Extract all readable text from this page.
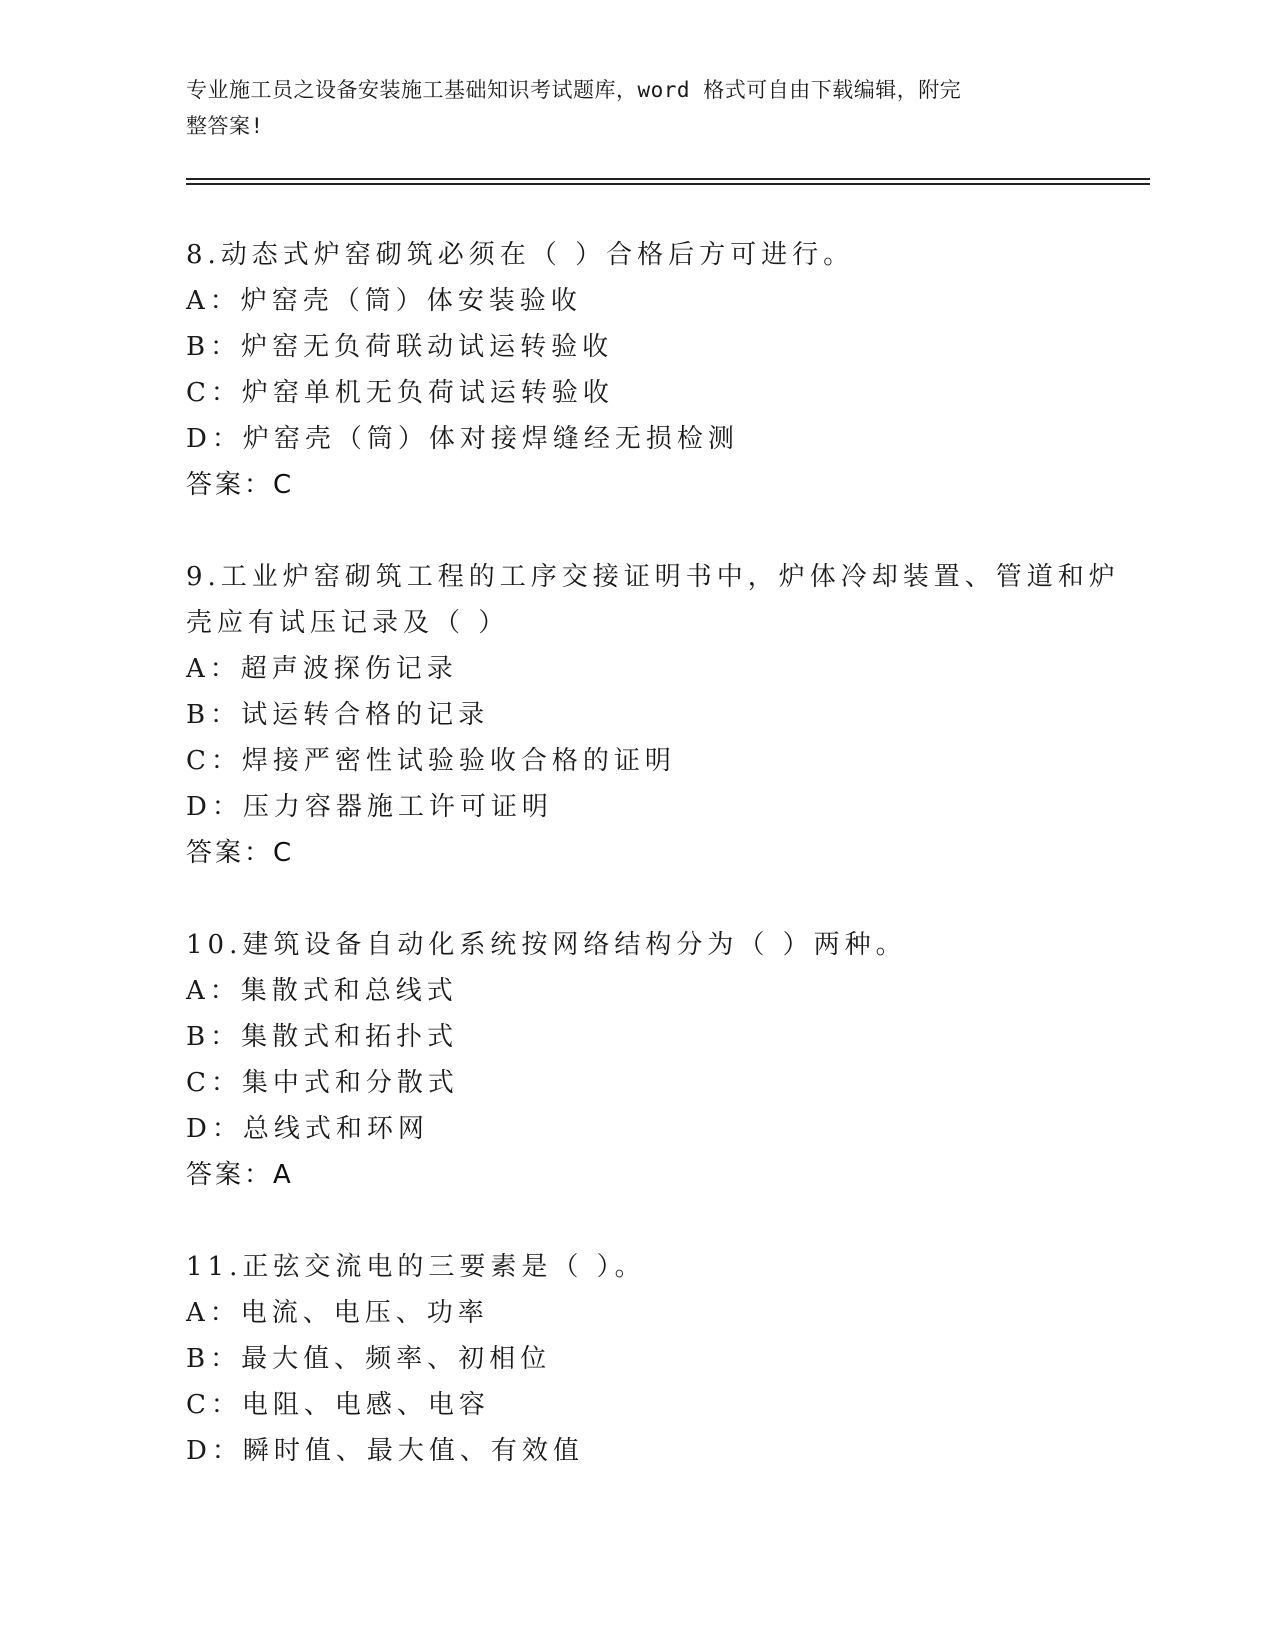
专业施工员之设备安装施工基础知识考试题库，word 格式可自由下载编辑，附完
整答案!
8.动态式炉窑砌筑必须在（ ）合格后方可进行。
A：炉窑壳（筒）体安装验收
B：炉窑无负荷联动试运转验收
C：炉窑单机无负荷试运转验收
D：炉窑壳（筒）体对接焊缝经无损检测
答案：C
9.工业炉窑砌筑工程的工序交接证明书中，炉体冷却装置、管道和炉
壳应有试压记录及（ ）
A：超声波探伤记录
B：试运转合格的记录
C：焊接严密性试验验收合格的证明
D：压力容器施工许可证明
答案：C
10.建筑设备自动化系统按网络结构分为（ ）两种。
A：集散式和总线式
B：集散式和拓扑式
C：集中式和分散式
D：总线式和环网
答案：A
11.正弦交流电的三要素是（ ）。
A：电流、电压、功率
B：最大值、频率、初相位
C：电阻、电感、电容
D：瞬时值、最大值、有效值
